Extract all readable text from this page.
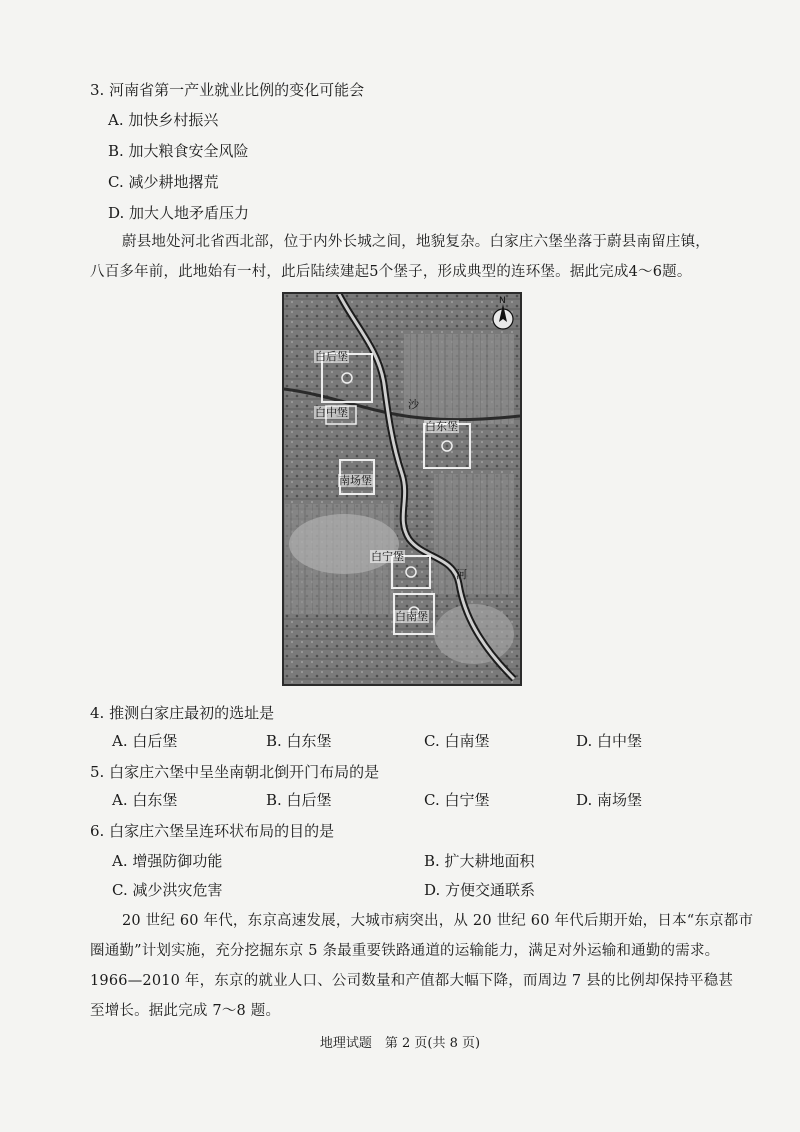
3. 河南省第一产业就业比例的变化可能会
A. 加快乡村振兴
B. 加大粮食安全风险
C. 减少耕地撂荒
D. 加大人地矛盾压力
蔚县地处河北省西北部，位于内外长城之间，地貌复杂。白家庄六堡坐落于蔚县南留庄镇，
八百多年前，此地始有一村，此后陆续建起5个堡子，形成典型的连环堡。据此完成4～6题。
白后堡
白中堡
白东堡
南场堡
白宁堡
白南堡
沙
河
N
4. 推测白家庄最初的选址是
A. 白后堡	B. 白东堡	C. 白南堡	D. 白中堡
5. 白家庄六堡中呈坐南朝北倒开门布局的是
A. 白东堡	B. 白后堡	C. 白宁堡	D. 南场堡
6. 白家庄六堡呈连环状布局的目的是
A. 增强防御功能	B. 扩大耕地面积
C. 减少洪灾危害	D. 方便交通联系
20 世纪 60 年代，东京高速发展，大城市病突出，从 20 世纪 60 年代后期开始，日本“东京都市
圈通勤”计划实施，充分挖掘东京 5 条最重要铁路通道的运输能力，满足对外运输和通勤的需求。
1966—2010 年，东京的就业人口、公司数量和产值都大幅下降，而周边 7 县的比例却保持平稳甚
至增长。据此完成 7～8 题。
地理试题　第 2 页(共 8 页)
